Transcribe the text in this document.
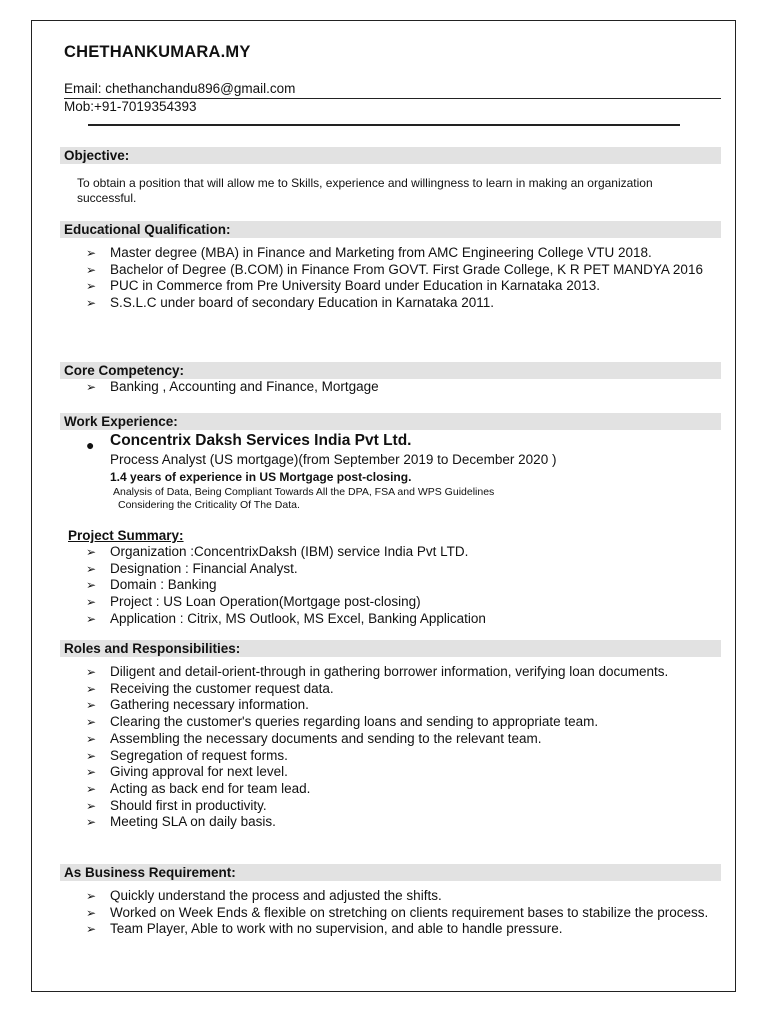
CHETHANKUMARA.MY
Email: chethanchandu896@gmail.com
Mob:+91-7019354393
Objective:
To obtain a position that will allow me to Skills, experience and willingness to learn in making an organization successful.
Educational Qualification:
➢ Master degree (MBA) in Finance and Marketing from AMC Engineering College VTU 2018.
➢ Bachelor of Degree (B.COM) in Finance From GOVT. First Grade College, K R PET MANDYA 2016
➢ PUC in Commerce from Pre University Board under Education in Karnataka 2013.
➢ S.S.L.C under board of secondary Education in Karnataka 2011.
Core Competency:
➢ Banking , Accounting and Finance, Mortgage
Work Experience:
● Concentrix Daksh Services India Pvt Ltd.
Process Analyst (US mortgage)(from September 2019 to December 2020 )
1.4 years of experience in US Mortgage post-closing.
Analysis of Data, Being Compliant Towards All the DPA, FSA and WPS Guidelines
Considering the Criticality Of The Data.
Project Summary:
➢ Organization :ConcentrixDaksh (IBM) service India Pvt LTD.
➢ Designation : Financial Analyst.
➢ Domain : Banking
➢ Project : US Loan Operation(Mortgage post-closing)
➢ Application : Citrix, MS Outlook, MS Excel, Banking Application
Roles and Responsibilities:
➢ Diligent and detail-orient-through in gathering borrower information, verifying loan documents.
➢ Receiving the customer request data.
➢ Gathering necessary information.
➢ Clearing the customer's queries regarding loans and sending to appropriate team.
➢ Assembling the necessary documents and sending to the relevant team.
➢ Segregation of request forms.
➢ Giving approval for next level.
➢ Acting as back end for team lead.
➢ Should first in productivity.
➢ Meeting SLA on daily basis.
As Business Requirement:
➢ Quickly understand the process and adjusted the shifts.
➢ Worked on Week Ends & flexible on stretching on clients requirement bases to stabilize the process.
➢ Team Player, Able to work with no supervision, and able to handle pressure.
